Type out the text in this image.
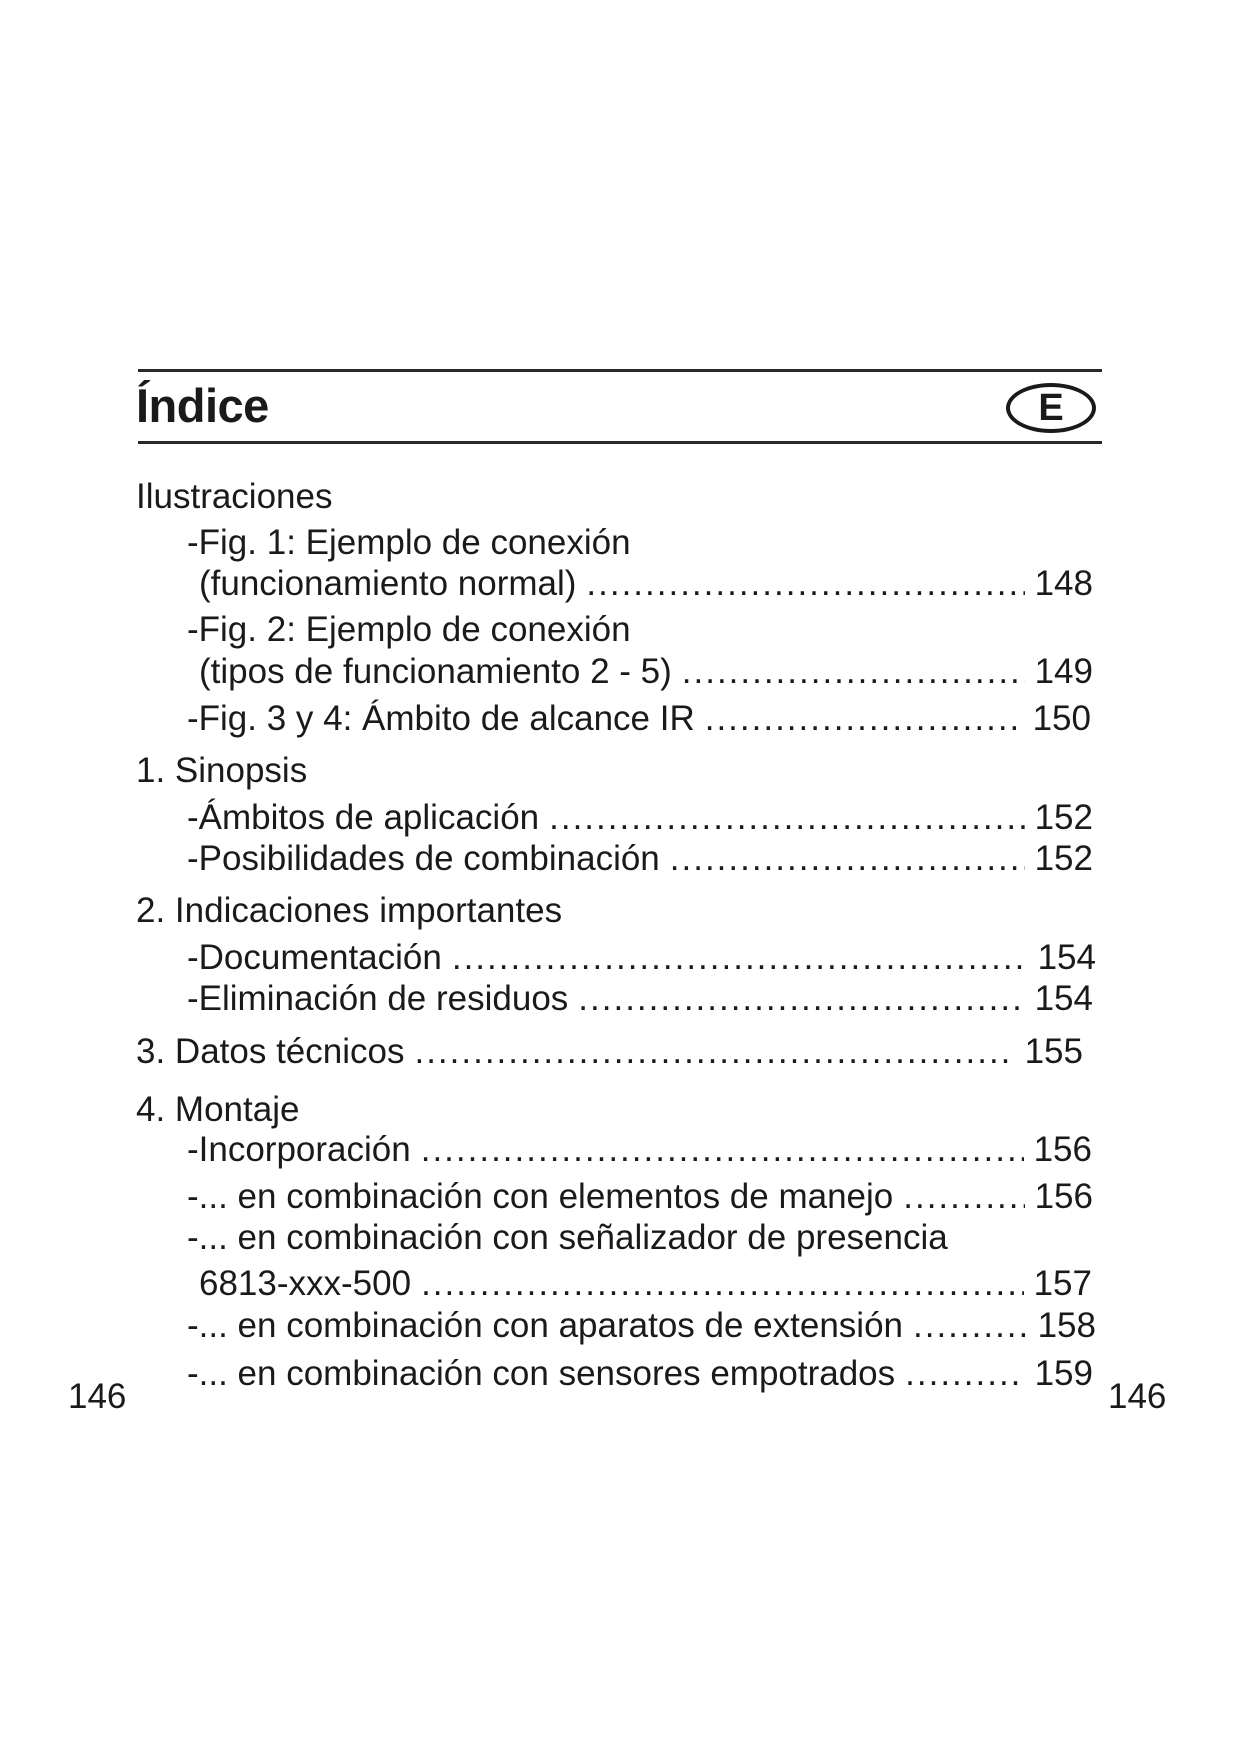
Índice	E
Ilustraciones
-Fig. 1: Ejemplo de conexión
(funcionamiento normal) .....	148
-Fig. 2: Ejemplo de conexión
(tipos de funcionamiento 2 - 5) .....	149
-Fig. 3 y 4: Ámbito de alcance IR .....	150
1. Sinopsis
-Ámbitos de aplicación .....	152
-Posibilidades de combinación .....	152
2. Indicaciones importantes
-Documentación .....	154
-Eliminación de residuos .....	154
3. Datos técnicos .....	155
4. Montaje
-Incorporación .....	156
-... en combinación con elementos de manejo .....	156
-... en combinación con señalizador de presencia
6813-xxx-500 .....	157
-... en combinación con aparatos de extensión .....	158
-... en combinación con sensores empotrados .....	159
146	146
